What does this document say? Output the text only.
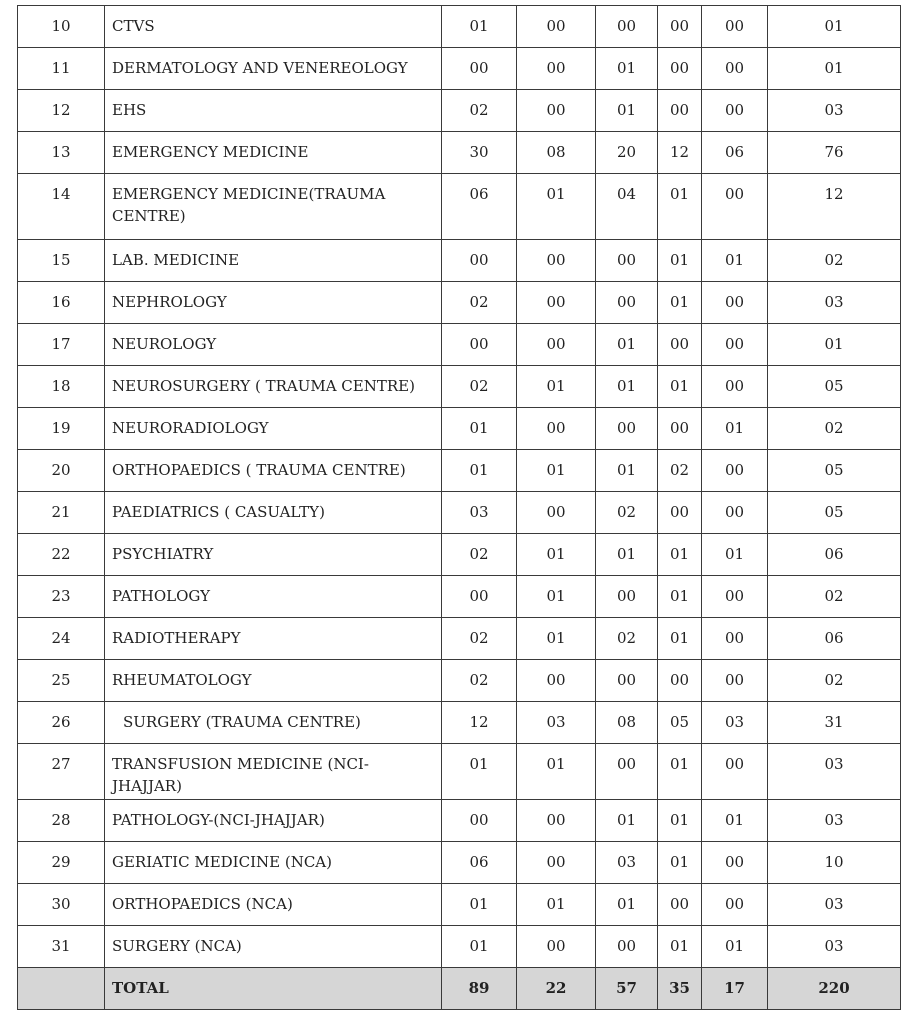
10	CTVS	01	00	00	00	00	01
11	DERMATOLOGY AND VENEREOLOGY	00	00	01	00	00	01
12	EHS	02	00	01	00	00	03
13	EMERGENCY MEDICINE	30	08	20	12	06	76
14	EMERGENCY MEDICINE(TRAUMA CENTRE)	06	01	04	01	00	12
15	LAB. MEDICINE	00	00	00	01	01	02
16	NEPHROLOGY	02	00	00	01	00	03
17	NEUROLOGY	00	00	01	00	00	01
18	NEUROSURGERY ( TRAUMA CENTRE)	02	01	01	01	00	05
19	NEURORADIOLOGY	01	00	00	00	01	02
20	ORTHOPAEDICS ( TRAUMA CENTRE)	01	01	01	02	00	05
21	PAEDIATRICS ( CASUALTY)	03	00	02	00	00	05
22	PSYCHIATRY	02	01	01	01	01	06
23	PATHOLOGY	00	01	00	01	00	02
24	RADIOTHERAPY	02	01	02	01	00	06
25	RHEUMATOLOGY	02	00	00	00	00	02
26	SURGERY (TRAUMA CENTRE)	12	03	08	05	03	31
27	TRANSFUSION MEDICINE (NCI-JHAJJAR)	01	01	00	01	00	03
28	PATHOLOGY-(NCI-JHAJJAR)	00	00	01	01	01	03
29	GERIATIC MEDICINE (NCA)	06	00	03	01	00	10
30	ORTHOPAEDICS (NCA)	01	01	01	00	00	03
31	SURGERY (NCA)	01	00	00	01	01	03
	TOTAL	89	22	57	35	17	220
